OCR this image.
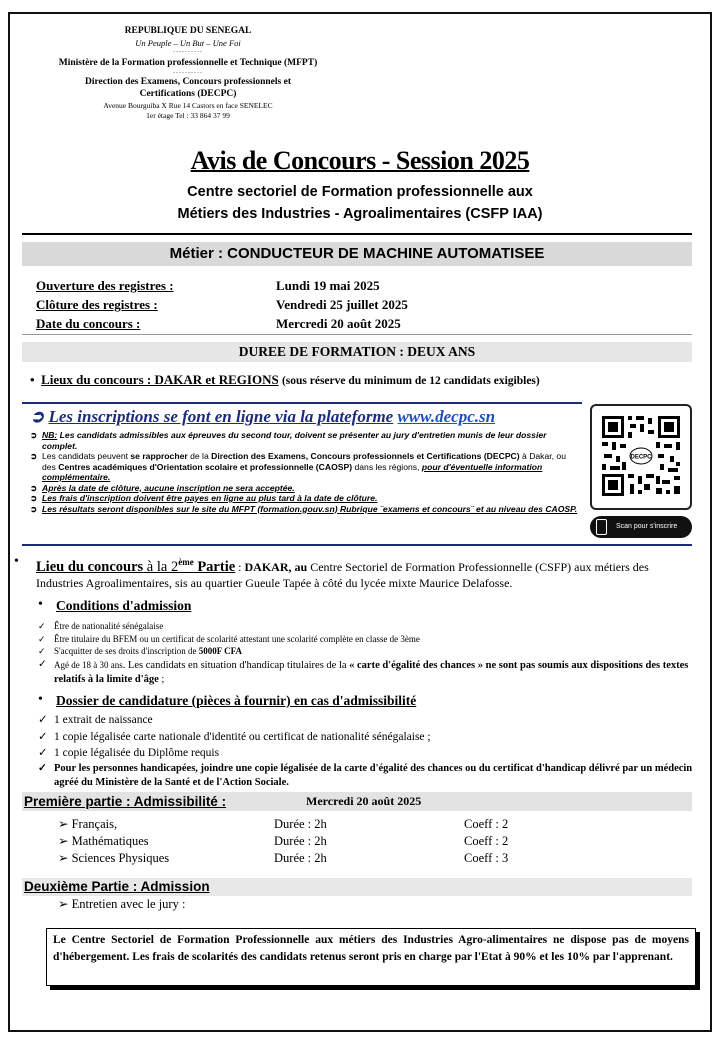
REPUBLIQUE DU SENEGAL
Un Peuple – Un But – Une Foi
----------
Ministère de la Formation professionnelle et Technique (MFPT)
----------
Direction des Examens, Concours professionnels et Certifications (DECPC)
Avenue Bourguiba X Rue 14 Castors en face SENELEC
1er étage Tel : 33 864 37 99
Avis de Concours - Session 2025
Centre sectoriel de Formation professionnelle aux
Métiers des Industries - Agroalimentaires (CSFP IAA)
Métier : CONDUCTEUR DE MACHINE AUTOMATISEE
Ouverture des registres :	Lundi 19 mai 2025
Clôture des registres :	Vendredi 25 juillet 2025
Date du concours :	Mercredi 20 août 2025
DUREE DE FORMATION : DEUX ANS
•  Lieux du concours : DAKAR et REGIONS (sous réserve du minimum de 12 candidats exigibles)
➲ Les inscriptions se font en ligne via la plateforme www.decpc.sn
➲ NB: Les candidats admissibles aux épreuves du second tour, doivent se présenter au jury d'entretien munis de leur dossier complet.
➲ Les candidats peuvent se rapprocher de la Direction des Examens, Concours professionnels et Certifications (DECPC) à Dakar, ou des Centres académiques d'Orientation scolaire et professionnelle (CAOSP) dans les régions, pour d'éventuelle information complémentaire.
➲ Après la date de clôture, aucune inscription ne sera acceptée.
➲ Les frais d'inscription doivent être payes en ligne au plus tard à la date de clôture.
➲ Les résultats seront disponibles sur le site du MFPT (formation.gouv.sn) Rubrique ¨examens et concours¨ et au niveau des CAOSP.
DECPC
Scan pour s'inscrire
• Lieu du concours à la 2ème Partie : DAKAR, au Centre Sectoriel de Formation Professionnelle (CSFP) aux métiers des Industries Agroalimentaires, sis au quartier Gueule Tapée à côté du lycée mixte Maurice Delafosse.
• Conditions d'admission
✓ Être de nationalité sénégalaise
✓ Être titulaire du BFEM ou un certificat de scolarité attestant une scolarité complète en classe de 3ème
✓ S'acquitter de ses droits d'inscription de 5000F CFA
✓ Agé de 18 à 30 ans. Les candidats en situation d'handicap titulaires de la « carte d'égalité des chances » ne sont pas soumis aux dispositions des textes relatifs à la limite d'âge ;
• Dossier de candidature (pièces à fournir) en cas d'admissibilité
✓ 1 extrait de naissance
✓ 1 copie légalisée carte nationale d'identité ou certificat de nationalité sénégalaise ;
✓ 1 copie légalisée du Diplôme requis
✓ Pour les personnes handicapées, joindre une copie légalisée de la carte d'égalité des chances ou du certificat d'handicap délivré par un médecin agréé du Ministère de la Santé et de l'Action Sociale.
Première partie : Admissibilité :	Mercredi 20 août 2025
➢ Français,	Durée : 2h	Coeff : 2
➢ Mathématiques	Durée : 2h	Coeff : 2
➢ Sciences Physiques	Durée : 2h	Coeff : 3
Deuxième Partie : Admission
➢ Entretien avec le jury :
Le Centre Sectoriel de Formation Professionnelle aux métiers des Industries Agro-alimentaires ne dispose pas de moyens d'hébergement. Les frais de scolarités des candidats retenus seront pris en charge par l'Etat à 90% et les 10% par l'apprenant.
